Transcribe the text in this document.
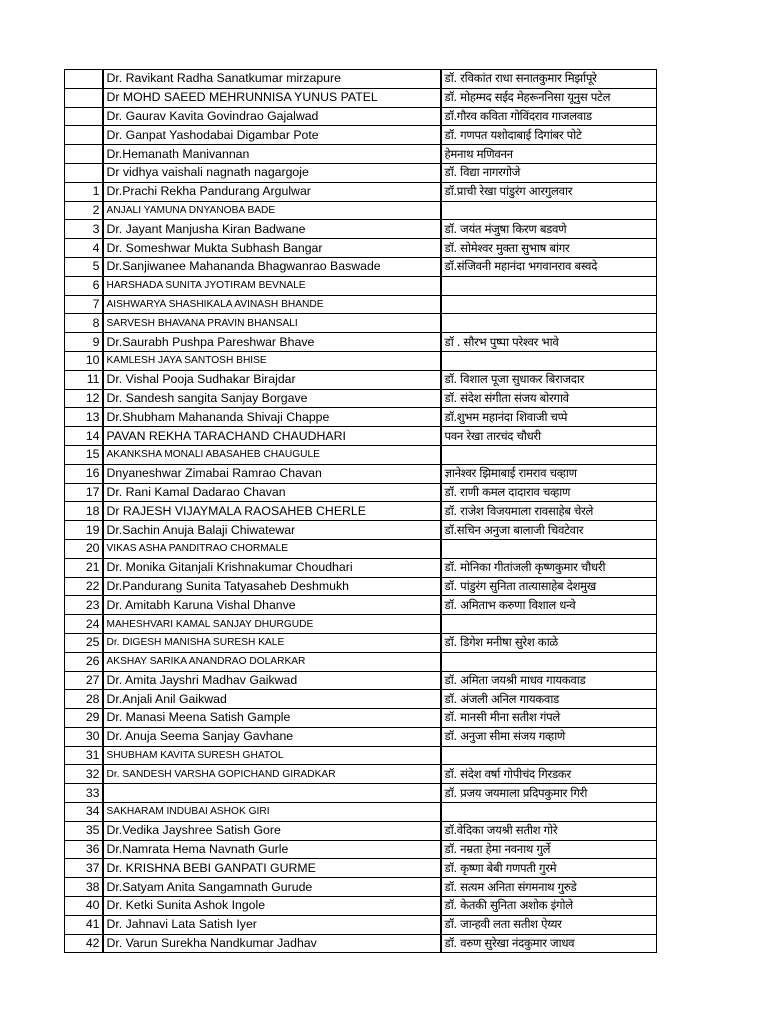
	Dr. Ravikant Radha Sanatkumar mirzapure	डॉ. रविकांत राधा सनातकुमार मिर्झापूरे
	Dr MOHD SAEED MEHRUNNISA YUNUS PATEL	डॉ. मोहम्मद सईद मेहरूननिसा यूनुस पटेल
	Dr. Gaurav Kavita Govindrao Gajalwad	डॉ.गौरव कविता गोविंदराव गाजलवाड
	Dr. Ganpat Yashodabai Digambar Pote	डॉ. गणपत यशोदाबाई दिगांबर पोटे
	Dr.Hemanath Manivannan	हेमनाथ मणिवनन
	Dr vidhya vaishali nagnath nagargoje	डॉ. विद्या नागरगोजे
1	Dr.Prachi Rekha Pandurang Argulwar	डॉ.प्राची रेखा पांडुरंग आरगुलवार
2	ANJALI YAMUNA DNYANOBA BADE	
3	Dr. Jayant Manjusha Kiran Badwane	डॉ. जयंत मंजुषा किरण बडवणे
4	Dr. Someshwar Mukta Subhash Bangar	डॉ. सोमेश्वर मुक्ता सुभाष बांगर
5	Dr.Sanjiwanee Mahananda Bhagwanrao Baswade	डॉ.संजिवनी महानंदा भगवानराव बस्वदे
6	HARSHADA SUNITA JYOTIRAM BEVNALE	
7	AISHWARYA SHASHIKALA AVINASH BHANDE	
8	SARVESH BHAVANA PRAVIN BHANSALI	
9	Dr.Saurabh Pushpa Pareshwar Bhave	डॉ . सौरभ पुष्पा परेश्वर भावे
10	KAMLESH JAYA SANTOSH BHISE	
11	Dr. Vishal Pooja Sudhakar Birajdar	डॉ. विशाल पूजा सुधाकर बिराजदार
12	Dr. Sandesh sangita Sanjay Borgave	डॉ. संदेश संगीता संजय बोरगावे
13	Dr.Shubham Mahananda Shivaji Chappe	डॉ.शुभम महानंदा शिवाजी चप्पे
14	PAVAN REKHA TARACHAND CHAUDHARI	पवन रेखा तारचंद चौधरी
15	AKANKSHA MONALI ABASAHEB CHAUGULE	
16	Dnyaneshwar Zimabai Ramrao Chavan	ज्ञानेश्वर झिमाबाई रामराव चव्हाण
17	Dr. Rani Kamal Dadarao Chavan	डॉ. राणी कमल दादाराव चव्हाण
18	Dr RAJESH VIJAYMALA RAOSAHEB CHERLE	डॉ. राजेश विजयमाला रावसाहेब चेरले
19	Dr.Sachin Anuja Balaji Chiwatewar	डॉ.सचिन अनुजा बालाजी चिवटेवार
20	VIKAS ASHA PANDITRAO CHORMALE	
21	Dr. Monika Gitanjali Krishnakumar Choudhari	डॉ. मोनिका गीतांजली कृष्णकुमार चौधरी
22	Dr.Pandurang Sunita Tatyasaheb Deshmukh	डॉ. पांडुरंग सुनिता तात्यासाहेब देशमुख
23	Dr. Amitabh Karuna Vishal Dhanve	डॉ. अमिताभ करुणा विशाल धन्वे
24	MAHESHVARI KAMAL SANJAY DHURGUDE	
25	Dr. DIGESH MANISHA SURESH KALE	डॉ. डिगेश मनीषा सुरेश काळे
26	AKSHAY SARIKA ANANDRAO DOLARKAR	
27	Dr. Amita Jayshri Madhav Gaikwad	डॉ. अमिता जयश्री माधव गायकवाड
28	Dr.Anjali Anil Gaikwad	डॉ. अंजली अनिल गायकवाड
29	Dr. Manasi Meena Satish Gample	डॉ. मानसी मीना सतीश गंपले
30	Dr. Anuja Seema Sanjay Gavhane	डॉ. अनुजा सीमा संजय गव्हाणे
31	SHUBHAM KAVITA SURESH GHATOL	
32	Dr. SANDESH VARSHA GOPICHAND GIRADKAR	डॉ. संदेश वर्षा गोपीचंद गिरडकर
33		डॉ. प्रजय जयमाला प्रदिपकुमार गिरी
34	SAKHARAM INDUBAI ASHOK GIRI	
35	Dr.Vedika Jayshree Satish Gore	डॉ.वेदिका जयश्री सतीश गोरे
36	Dr.Namrata Hema Navnath Gurle	डॉ. नम्रता हेमा नवनाथ गुर्ले
37	Dr. KRISHNA BEBI GANPATI GURME	डॉ. कृष्णा बेबी गणपती गुरमे
38	Dr.Satyam Anita Sangamnath Gurude	डॉ. सत्यम अनिता संगमनाथ गुरुडे
40	Dr. Ketki Sunita Ashok Ingole	डॉ. केतकी सुनिता अशोक इंगोले
41	Dr. Jahnavi Lata Satish Iyer	डॉ. जान्हवी लता सतीश ऐय्यर
42	Dr. Varun Surekha Nandkumar Jadhav	डॉ. वरुण सुरेखा नंदकुमार जाधव
